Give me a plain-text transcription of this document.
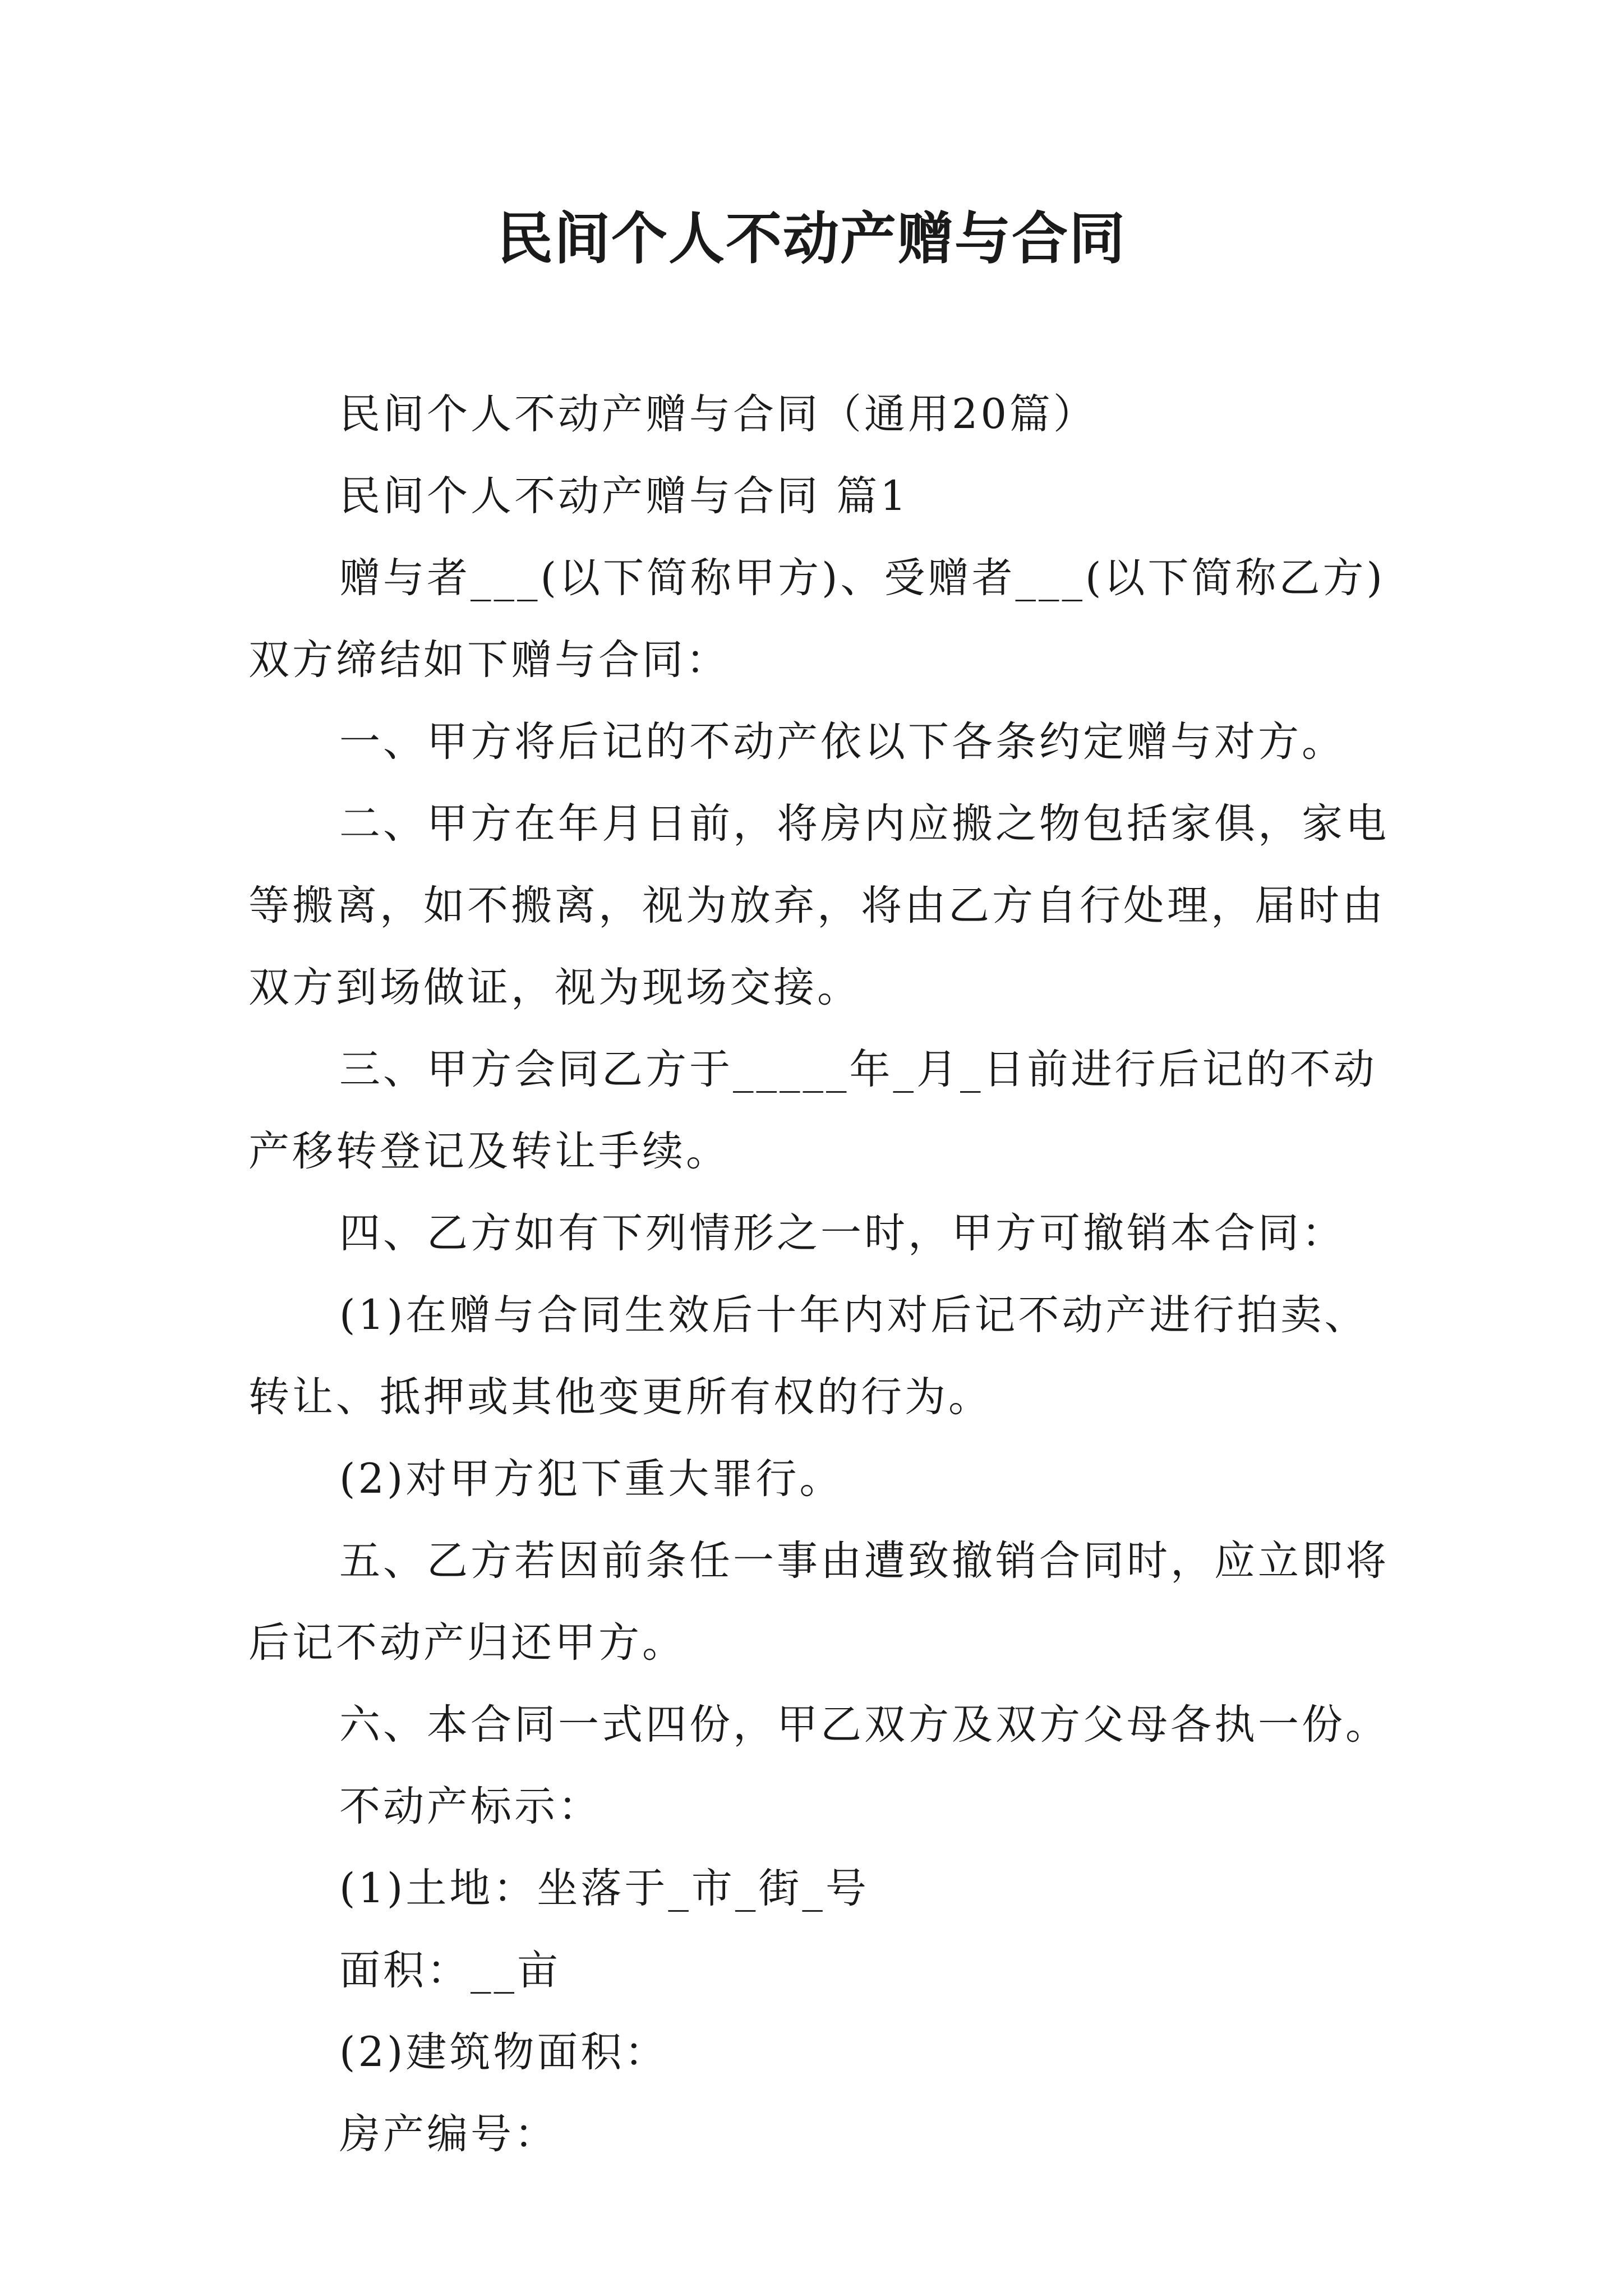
民间个人不动产赠与合同

民间个人不动产赠与合同（通用20篇）

民间个人不动产赠与合同 篇1

赠与者___(以下简称甲方)、受赠者___(以下简称乙方)双方缔结如下赠与合同：

一、甲方将后记的不动产依以下各条约定赠与对方。

二、甲方在年月日前，将房内应搬之物包括家俱，家电等搬离，如不搬离，视为放弃，将由乙方自行处理，届时由双方到场做证，视为现场交接。

三、甲方会同乙方于_____年_月_日前进行后记的不动产移转登记及转让手续。

四、乙方如有下列情形之一时，甲方可撤销本合同：

(1)在赠与合同生效后十年内对后记不动产进行拍卖、转让、抵押或其他变更所有权的行为。

(2)对甲方犯下重大罪行。

五、乙方若因前条任一事由遭致撤销合同时，应立即将后记不动产归还甲方。

六、本合同一式四份，甲乙双方及双方父母各执一份。

不动产标示：

(1)土地：坐落于_市_街_号

面积：__亩

(2)建筑物面积：

房产编号：
